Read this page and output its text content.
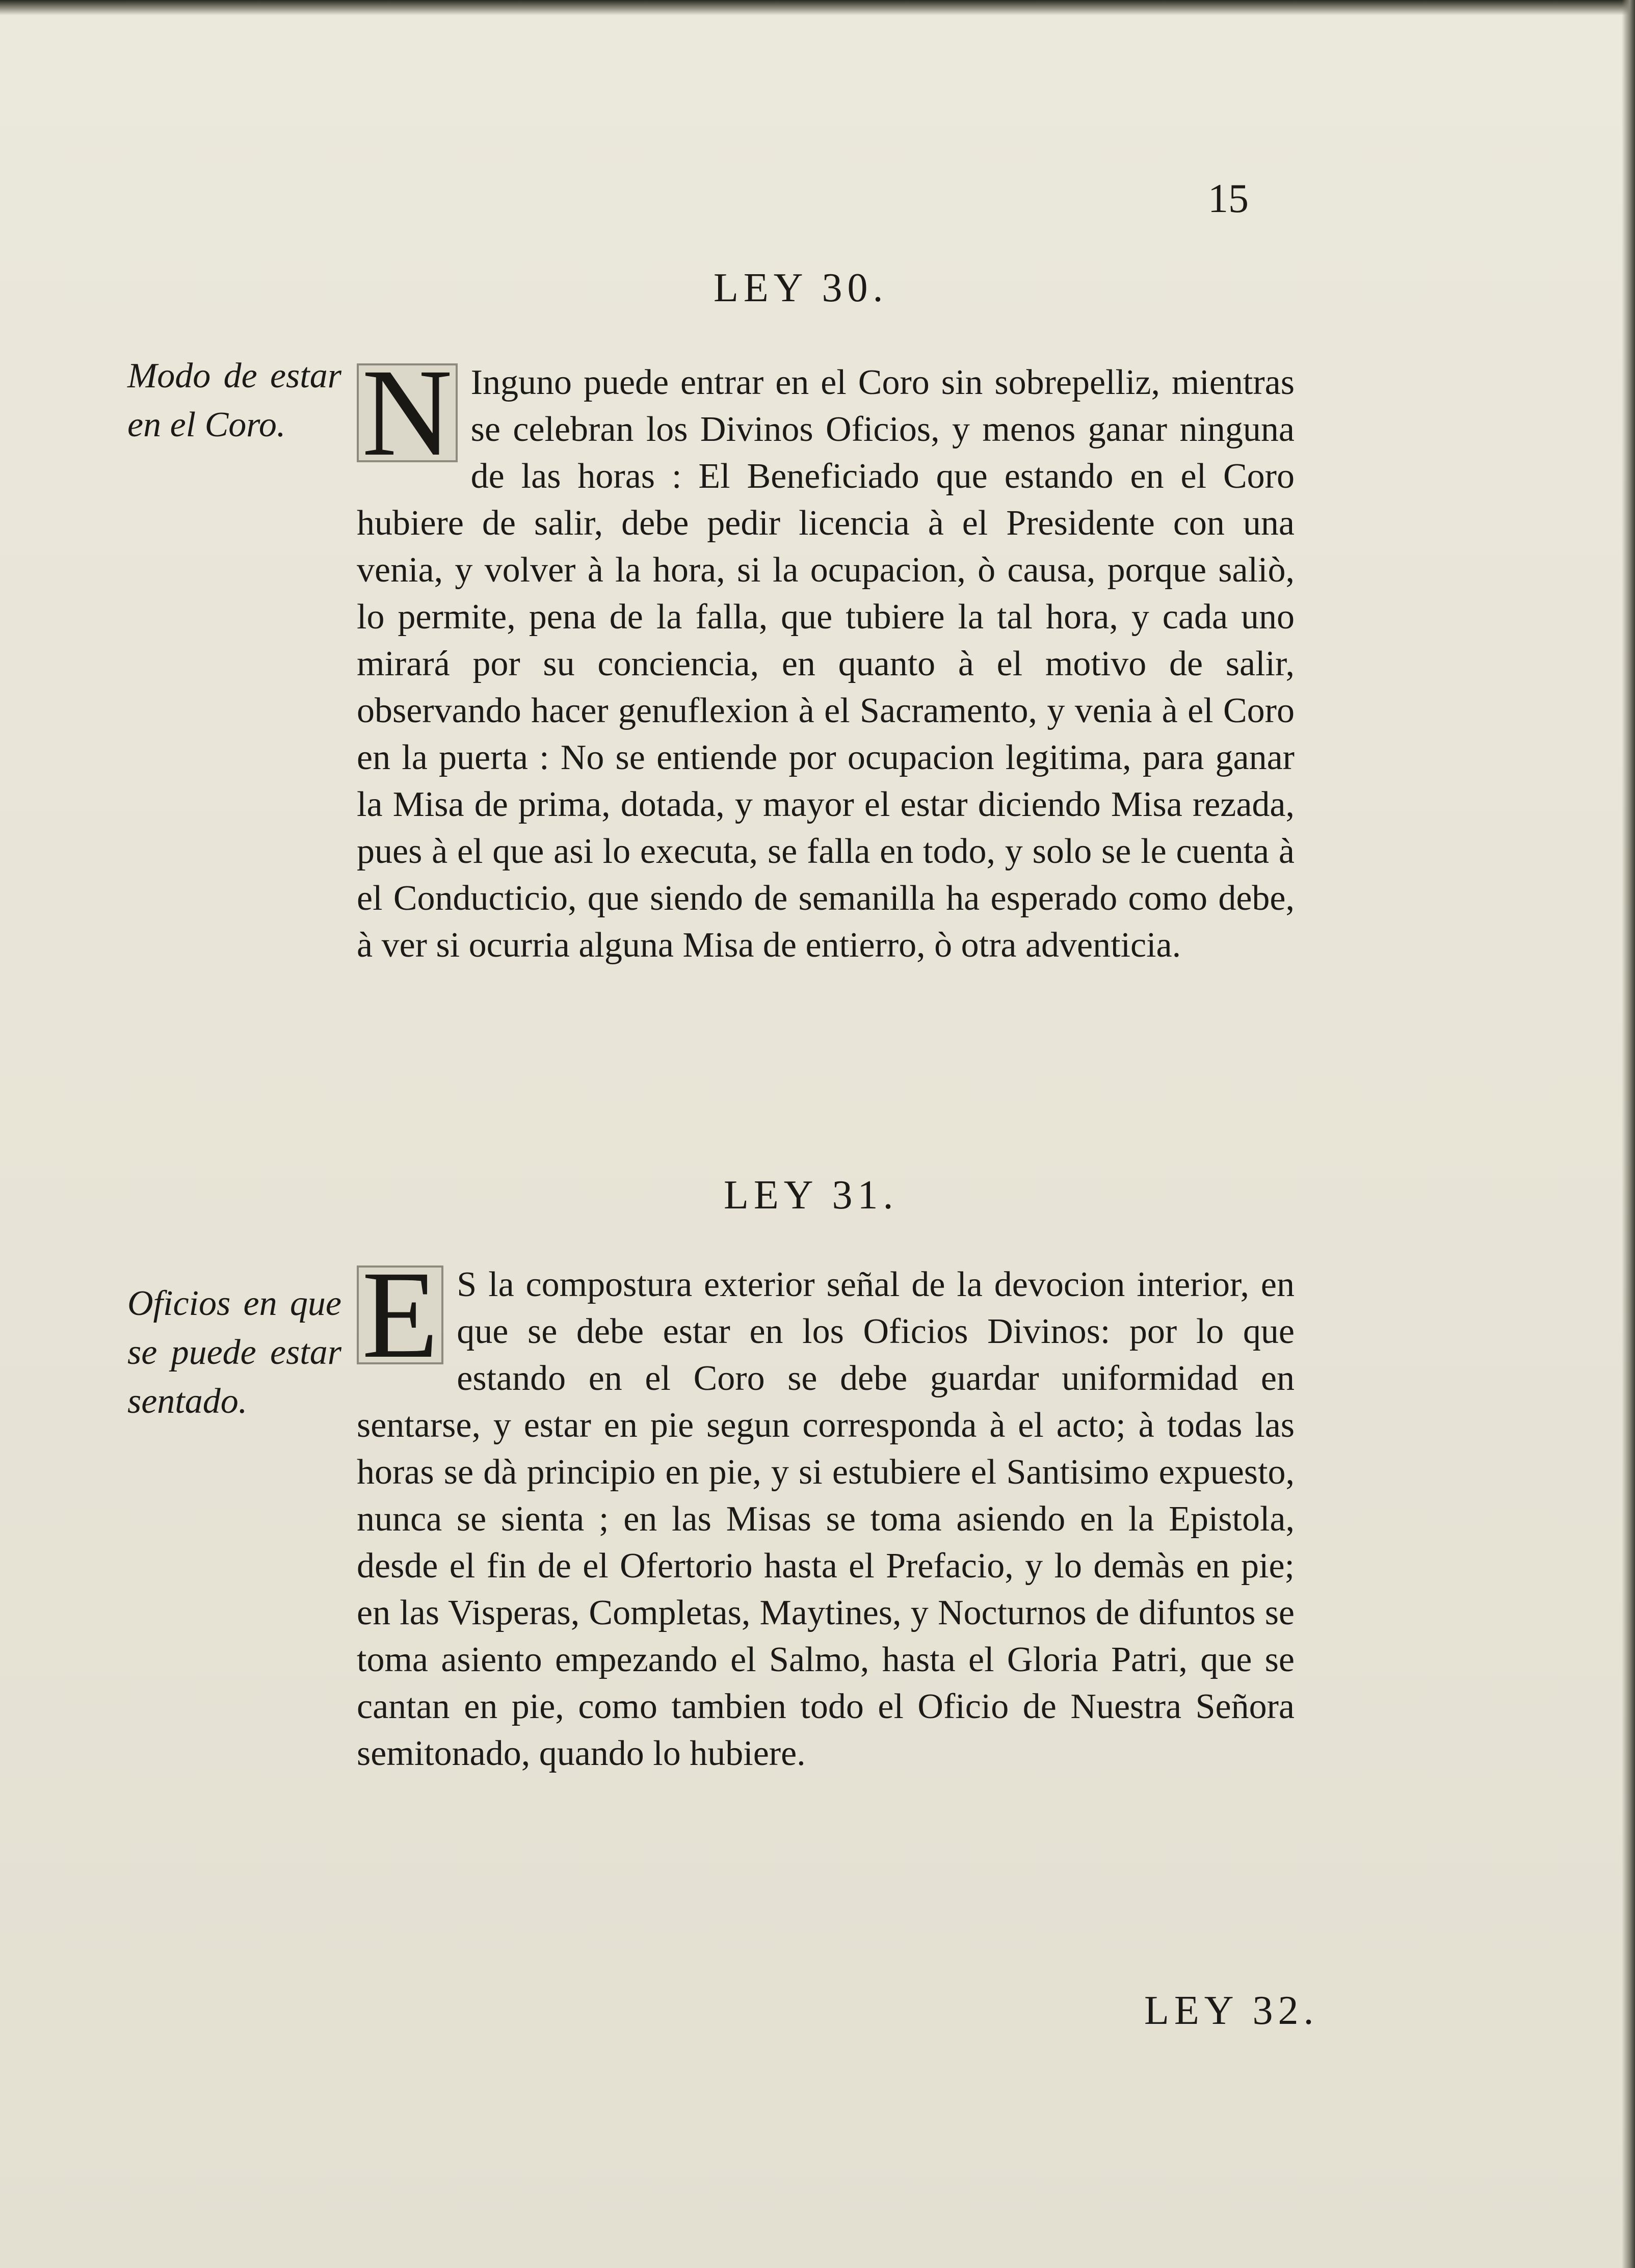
15
LEY 30.
Modo de estar en el Coro. N Inguno puede entrar en el Coro sin sobrepelliz, mientras se celebran los Divinos Oficios, y menos ganar ninguna de las horas : El Beneficiado que estando en el Coro hubiere de salir, debe pedir licencia à el Presidente con una venia, y volver à la hora, si la ocupacion, ò causa, porque saliò, lo permite, pena de la falla, que tubiere la tal hora, y cada uno mirará por su conciencia, en quanto à el motivo de salir, observando hacer genuflexion à el Sacramento, y venia à el Coro en la puerta : No se entiende por ocupacion legitima, para ganar la Misa de prima, dotada, y mayor el estar diciendo Misa rezada, pues à el que asi lo executa, se falla en todo, y solo se le cuenta à el Conducticio, que siendo de semanilla ha esperado como debe, à ver si ocurria alguna Misa de entierro, ò otra adventicia.
LEY 31.
Oficios en que se puede estar sentado.
E S la compostura exterior señal de la devocion interior, en que se debe estar en los Oficios Divinos: por lo que estando en el Coro se debe guardar uniformidad en sentarse, y estar en pie segun corresponda à el acto; à todas las horas se dà principio en pie, y si estubiere el Santisimo expuesto, nunca se sienta ; en las Misas se toma asiendo en la Epistola, desde el fin de el Ofertorio hasta el Prefacio, y lo demàs en pie; en las Visperas, Completas, Maytines, y Nocturnos de difuntos se toma asiento empezando el Salmo, hasta el Gloria Patri, que se cantan en pie, como tambien todo el Oficio de Nuestra Señora semitonado, quando lo hubiere.
LEY 32.
